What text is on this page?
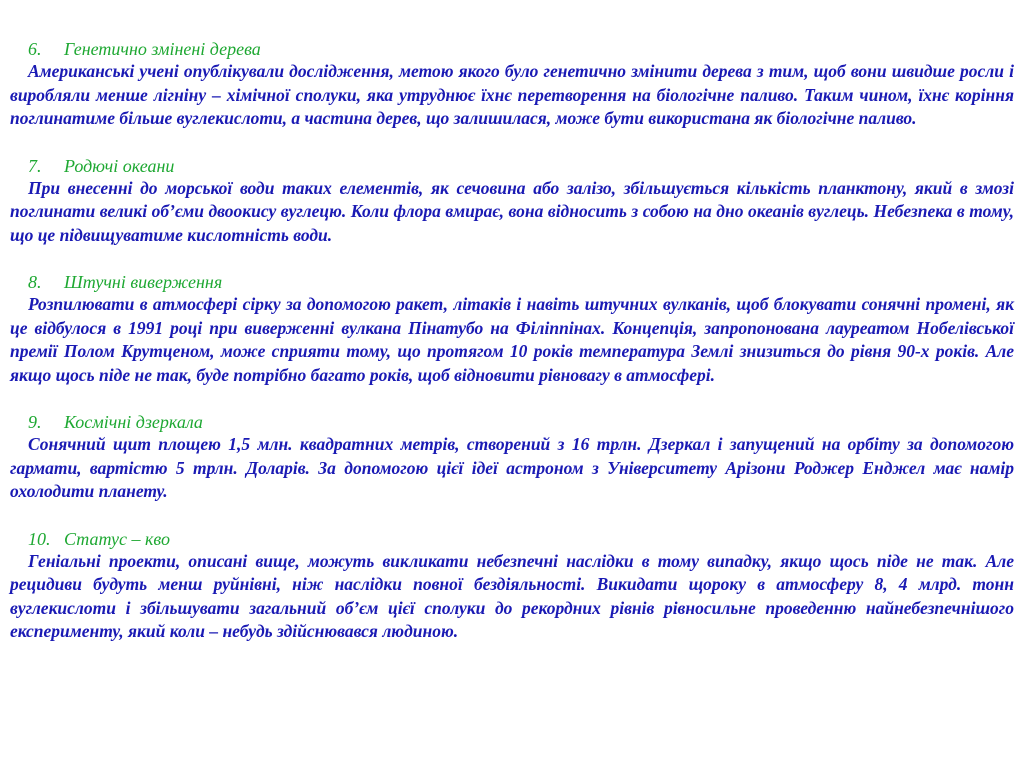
6. Генетично змінені дерева

Американські учені опублікували дослідження, метою якого було генетично змінити дерева з тим, щоб вони швидше росли і виробляли менше лігніну – хімічної сполуки, яка утруднює їхнє перетворення на біологічне паливо. Таким чином, їхнє коріння поглинатиме більше вуглекислоти, а частина дерев, що залишилася, може бути використана як біологічне паливо.

7. Родючі океани

При внесенні до морської води таких елементів, як сечовина або залізо, збільшується кількість планктону, який в змозі поглинати великі об’єми двоокису вуглецю. Коли флора вмирає, вона відносить з собою на дно океанів вуглець. Небезпека в тому, що це підвищуватиме кислотність води.

8. Штучні виверження

Розпилювати в атмосфері сірку за допомогою ракет, літаків і навіть штучних вулканів, щоб блокувати сонячні промені, як це відбулося в 1991 році при виверженні вулкана Пінатубо на Філіппінах. Концепція, запропонована лауреатом Нобелівської премії Полом Крутценом, може сприяти тому, що протягом 10 років температура Землі знизиться до рівня 90-х років. Але якщо щось піде не так, буде потрібно багато років, щоб відновити рівновагу в атмосфері.

9. Космічні дзеркала

Сонячний щит площею 1,5 млн. квадратних метрів, створений з 16 трлн. Дзеркал і запущений на орбіту за допомогою гармати, вартістю 5 трлн. Доларів. За допомогою цієї ідеї астроном з Університету Арізони Роджер Енджел має намір охолодити планету.

10. Статус – кво

Геніальні проекти, описані вище, можуть викликати небезпечні наслідки в тому випадку, якщо щось піде не так. Але рецидиви будуть менш руйнівні, ніж наслідки повної бездіяльності. Викидати щороку в атмосферу 8, 4 млрд. тонн вуглекислоти і збільшувати загальний об’єм цієї сполуки до рекордних рівнів рівносильне проведенню найнебезпечнішого експерименту, який коли – небудь здійснювався людиною.
